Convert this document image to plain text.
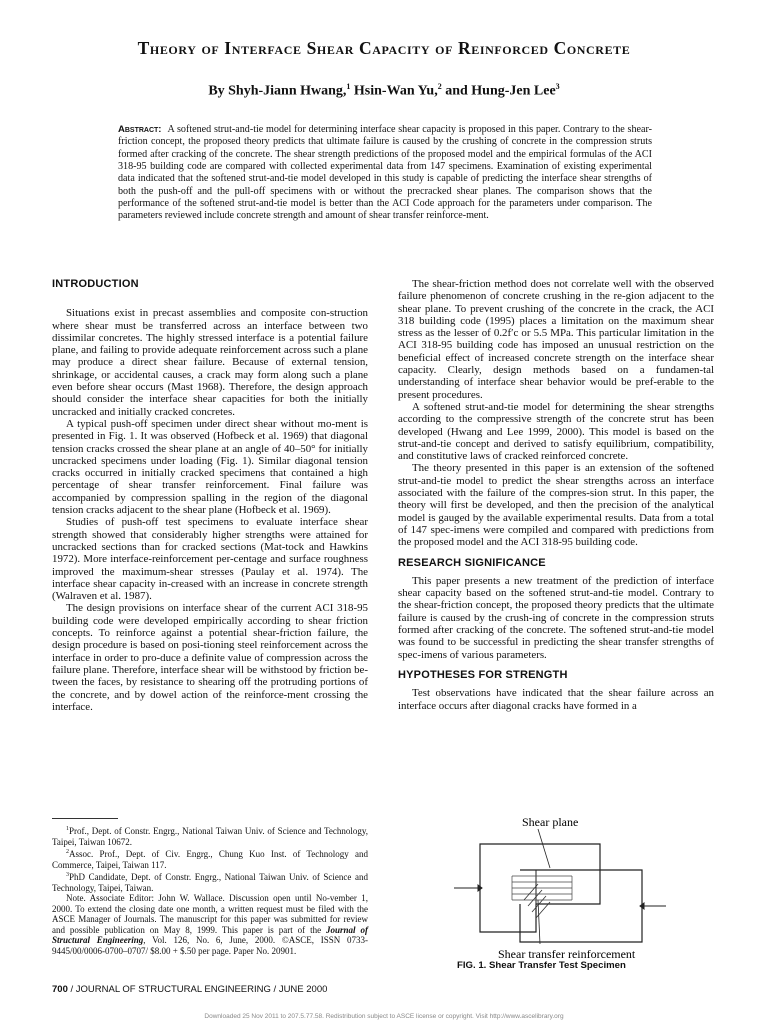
Theory of Interface Shear Capacity of Reinforced Concrete
By Shyh-Jiann Hwang,$^1$ Hsin-Wan Yu,$^2$ and Hung-Jen Lee$^3$
Abstract: A softened strut-and-tie model for determining interface shear capacity is proposed in this paper. Contrary to the shear-friction concept, the proposed theory predicts that ultimate failure is caused by the crushing of concrete in the compression struts formed after cracking of the concrete. The shear strength predictions of the proposed model and the empirical formulas of the ACI 318-95 building code are compared with collected experimental data from 147 specimens. Examination of existing experimental data indicated that the softened strut-and-tie model developed in this study is capable of predicting the interface shear strengths of both the push-off and the pull-off specimens with or without the precracked shear planes. The comparison shows that the performance of the softened strut-and-tie model is better than the ACI Code approach for the parameters under comparison. The parameters reviewed include concrete strength and amount of shear transfer reinforce-ment.
INTRODUCTION

Situations exist in precast assemblies and composite con-struction where shear must be transferred across an interface between two dissimilar concretes. The highly stressed interface is a potential failure plane, and failing to provide adequate reinforcement across such a plane may produce a direct shear failure. Because of external tension, shrinkage, or accidental causes, a crack may form along such a plane even before shear occurs (Mast 1968). Therefore, the design approach should consider the interface shear capacities for both the initially uncracked and initially cracked concretes.

A typical push-off specimen under direct shear without mo-ment is presented in Fig. 1. It was observed (Hofbeck et al. 1969) that diagonal tension cracks crossed the shear plane at an angle of 40–50° for initially uncracked specimens under loading (Fig. 1). Similar diagonal tension cracks occurred in initially cracked specimens that contained a high percentage of shear transfer reinforcement. Final failure was accompanied by compression spalling in the region of the diagonal tension cracks adjacent to the shear plane (Hofbeck et al. 1969).

Studies of push-off test specimens to evaluate interface shear strength showed that considerably higher strengths were attained for uncracked sections than for cracked sections (Mat-tock and Hawkins 1972). More interface-reinforcement per-centage and surface roughness improved the maximum-shear stresses (Paulay et al. 1974). The interface shear capacity in-creased with an increase in concrete strength (Walraven et al. 1987).

The design provisions on interface shear of the current ACI 318-95 building code were developed empirically according to shear friction concepts. To reinforce against a potential shear-friction failure, the design procedure is based on posi-tioning steel reinforcement across the interface in order to pro-duce a definite value of compression across the failure plane. Therefore, interface shear will be withstood by friction be-tween the faces, by resistance to shearing off the protruding portions of the concrete, and by dowel action of the reinforce-ment crossing the interface.

The shear-friction method does not correlate well with the observed failure phenomenon of concrete crushing in the re-gion adjacent to the shear plane. To prevent crushing of the concrete in the crack, the ACI 318 building code (1995) places a limitation on the maximum shear stress as the lesser of 0.2f′c or 5.5 MPa. This particular limitation in the ACI 318-95 building code has imposed an unusual restriction on the beneficial effect of increased concrete strength on the interface shear capacity. Clearly, design methods based on a fundamen-tal understanding of interface shear behavior would be pref-erable to the present procedures.

A softened strut-and-tie model for determining the shear strengths according to the compressive strength of the concrete strut has been developed (Hwang and Lee 1999, 2000). This model is based on the strut-and-tie concept and derived to satisfy equilibrium, compatibility, and constitutive laws of cracked reinforced concrete.

The theory presented in this paper is an extension of the softened strut-and-tie model to predict the shear strengths across an interface associated with the failure of the compres-sion strut. In this paper, the theory will first be developed, and then the precision of the analytical model is gauged by the available experimental results. Data from a total of 147 spec-imens were compiled and compared with predictions from the proposed model and the ACI 318-95 building code.

RESEARCH SIGNIFICANCE

This paper presents a new treatment of the prediction of interface shear capacity based on the softened strut-and-tie model. Contrary to the shear-friction concept, the proposed theory predicts that the ultimate failure is caused by the crush-ing of concrete in the compression struts formed after cracking of the concrete. The softened strut-and-tie model was found to be successful in predicting the shear transfer strengths of spec-imens of various parameters.

HYPOTHESES FOR STRENGTH

Test observations have indicated that the shear failure across an interface occurs after diagonal cracks have formed in a

$^1$Prof., Dept. of Constr. Engrg., National Taiwan Univ. of Science and Technology, Taipei, Taiwan 10672.

$^2$Assoc. Prof., Dept. of Civ. Engrg., Chung Kuo Inst. of Technology and Commerce, Taipei, Taiwan 117.

$^3$PhD Candidate, Dept. of Constr. Engrg., National Taiwan Univ. of Science and Technology, Taipei, Taiwan.

Note. Associate Editor: John W. Wallace. Discussion open until No-vember 1, 2000. To extend the closing date one month, a written request must be filed with the ASCE Manager of Journals. The manuscript for this paper was submitted for review and possible publication on May 8, 1999. This paper is part of the Journal of Structural Engineering, Vol. 126, No. 6, June, 2000. ©ASCE, ISSN 0733-9445/00/0006-0700–0707/ $8.00 + $.50 per page. Paper No. 20901.

Shear plane
Shear transfer reinforcement
FIG. 1. Shear Transfer Test Specimen
700 / JOURNAL OF STRUCTURAL ENGINEERING / JUNE 2000
Downloaded 25 Nov 2011 to 207.5.77.58. Redistribution subject to ASCE license or copyright. Visit http://www.ascelibrary.org
